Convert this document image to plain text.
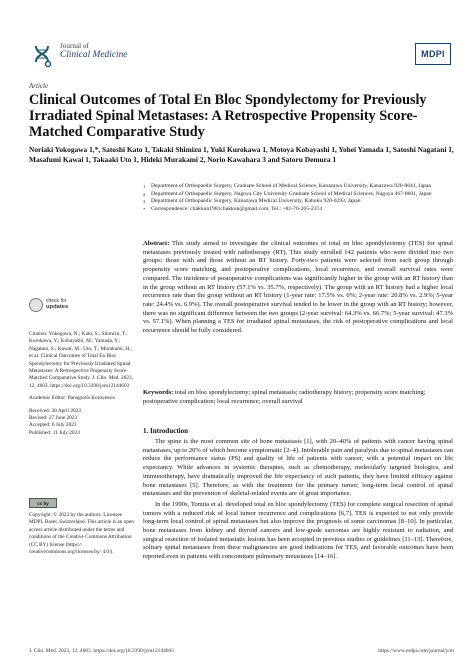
Journal of
Clinical Medicine	MDPI
Article
Clinical Outcomes of Total En Bloc Spondylectomy for Previously Irradiated Spinal Metastases: A Retrospective Propensity Score-Matched Comparative Study
Noriaki Yokogawa 1,*, Satoshi Kato 1, Takaki Shimizu 1, Yuki Kurokawa 1, Motoya Kobayashi 1, Yohei Yamada 1, Satoshi Nagatani 1, Masafumi Kawai 1, Takaaki Uto 1, Hideki Murakami 2, Norio Kawahara 3 and Satoru Demura 1
1	Department of Orthopaedic Surgery, Graduate School of Medical Science, Kanazawa University, Kanazawa 920-8641, Japan
2	Department of Orthopaedic Surgery, Nagoya City University Graduate School of Medical Sciences, Nagoya 467-8601, Japan
3	Department of Orthopaedic Surgery, Kanazawa Medical University, Kahoku 920-0293, Japan
*	Correspondence: chakkun1981chakkun@gmail.com; Tel.: +81-76-265-2374
Abstract: This study aimed to investigate the clinical outcomes of total en bloc spondylectomy (TES) for spinal metastases previously treated with radiotherapy (RT). This study enrolled 142 patients who were divided into two groups: those with and those without an RT history. Forty-two patients were selected from each group through propensity score matching, and postoperative complications, local recurrence, and overall survival rates were compared. The incidence of postoperative complications was significantly higher in the group with an RT history than in the group without an RT history (57.1% vs. 35.7%, respectively). The group with an RT history had a higher local recurrence rate than the group without an RT history (1-year rate: 17.5% vs. 0%; 2-year rate: 20.8% vs. 2.9%; 5-year rate: 24.4% vs. 6.9%). The overall postoperative survival tended to be lower in the group with an RT history; however, there was no significant difference between the two groups (2-year survival: 64.3% vs. 66.7%; 5-year survival: 47.3% vs. 57.1%). When planning a TES for irradiated spinal metastases, the risk of postoperative complications and local recurrence should be fully considered.
Keywords: total en bloc spondylectomy; spinal metastasis; radiotherapy history; propensity score matching; postoperative complication; local recurrence; overall survival
check for
updates

Citation: Yokogawa, N.; Kato, S.; Shimizu, T.; Kurokawa, Y.; Kobayashi, M.; Yamada, Y.; Nagatani, S.; Kawai, M.; Uto, T.; Murakami, H.; et al. Clinical Outcomes of Total En Bloc Spondylectomy for Previously Irradiated Spinal Metastases: A Retrospective Propensity Score-Matched Comparative Study. J. Clin. Med. 2023, 12, 4603. https://doi.org/10.3390/jcm12144603

Academic Editor: Panagiotis Korovessis

Received: 30 April 2023
Revised: 27 June 2023
Accepted: 6 July 2023
Published: 11 July 2023
cc by
Copyright: © 2023 by the authors. Licensee MDPI, Basel, Switzerland. This article is an open access article distributed under the terms and conditions of the Creative Commons Attribution (CC BY) license (https:// creativecommons.org/licenses/by/ 4.0/).
1. Introduction

The spine is the most common site of bone metastasis [1], with 20–40% of patients with cancer having spinal metastases, up to 20% of which become symptomatic [2–4]. Intolerable pain and paralysis due to spinal metastases can reduce the performance status (PS) and quality of life of patients with cancer, with a potential impact on life expectancy. While advances in systemic therapies, such as chemotherapy, molecularly targeted biologics, and immunotherapy, have dramatically improved the life expectancy of such patients, they have limited efficacy against bone metastases [5]. Therefore, as with the treatment for the primary tumor, long-term local control of spinal metastases and the prevention of skeletal-related events are of great importance.

In the 1990s, Tomita et al. developed total en bloc spondylectomy (TES) for complete surgical resection of spinal tumors with a reduced risk of local tumor recurrence and complications [6,7]. TES is expected to not only provide long-term local control of spinal metastases but also improve the prognosis of some carcinomas [8–10]. In particular, bone metastases from kidney and thyroid cancers and low-grade sarcomas are highly resistant to radiation, and surgical resection of isolated metastatic lesions has been accepted in previous studies or guidelines [11–13]. Therefore, solitary spinal metastases from these malignancies are good indications for TES, and favorable outcomes have been reported even in patients with concomitant pulmonary metastases [14–16].

J. Clin. Med. 2023, 12, 4603. https://doi.org/10.3390/jcm12144603	https://www.mdpi.com/journal/jcm
